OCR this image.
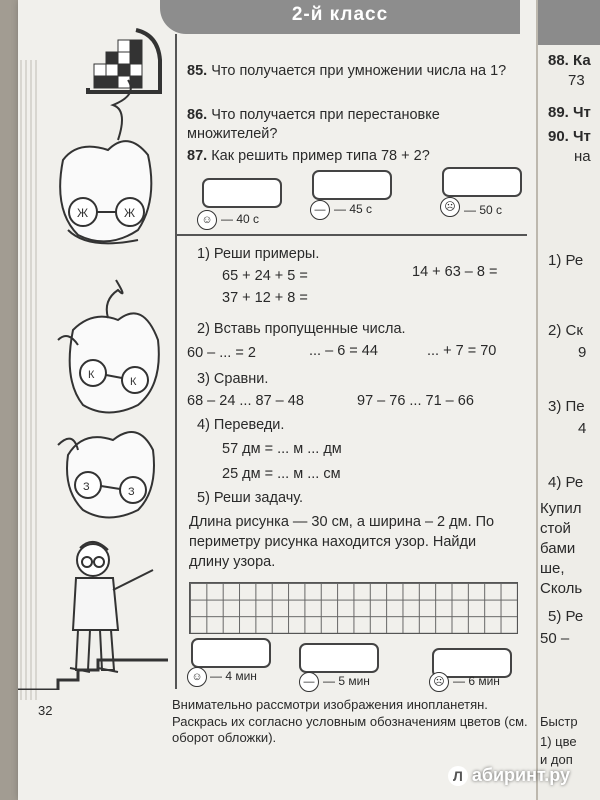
88. Ка
73
89. Чт
90. Чт
на
1) Ре
2) Ск
9
3) Пе
4
4) Ре
Купил
стой
бами
ше,
Сколь
5) Ре
50 –
Быстр
1) цве
и доп
2-й класс
Ж	Ж
К
К
З	З
85. Что получается при умножении числа на 1?
86. Что получается при перестановке множителей?
87. Как решить пример типа 78 + 2?
☺ — 40 с
— — 45 с	☹ — 50 с
1) Реши примеры.
65 + 24 + 5 =	14 + 63 – 8 =
37 + 12 + 8 =
2) Вставь пропущенные числа.
60 – ... = 2	... – 6 = 44	... + 7 = 70
3) Сравни.
68 – 24 ... 87 – 48	97 – 76 ... 71 – 66
4) Переведи.
57 дм = ... м ... дм
25 дм = ... м ... см
5) Реши задачу.
Длина рисунка — 30 см, а ширина – 2 дм. По периметру рисунка находится узор. Найди длину узора.
☺ — 4 мин	— — 5 мин	☹ — 6 мин
32	Внимательно рассмотри изображения инопланетян. Раскрась их согласно условным обозначениям цветов (см. оборот обложки).
Л абиринт.ру
